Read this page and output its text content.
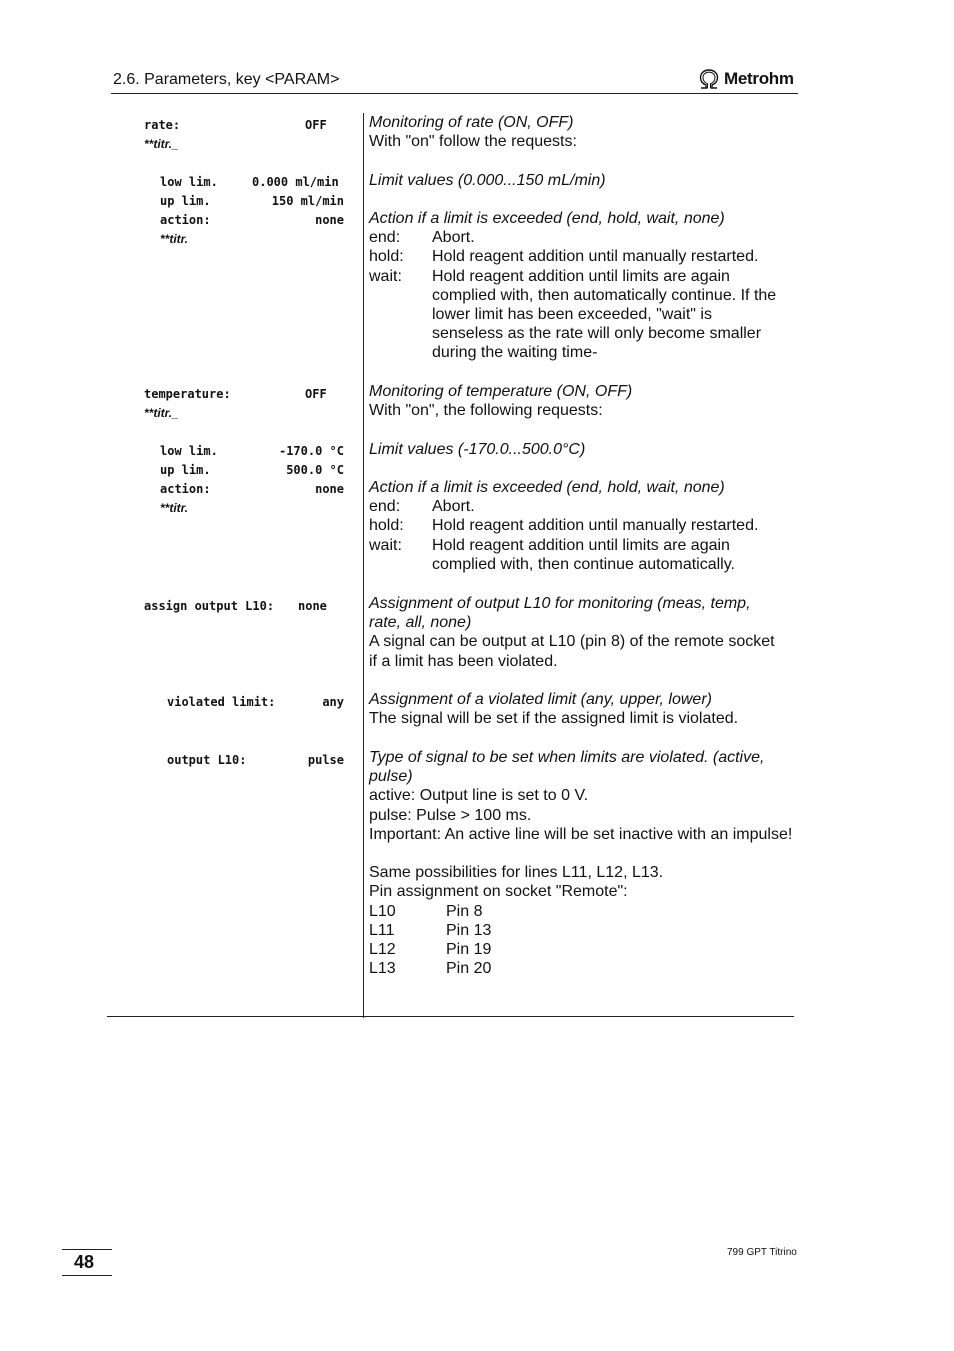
2.6. Parameters, key <PARAM>	Metrohm
rate:	OFF
**titr._
low lim.	0.000 ml/min
up lim.	150 ml/min
action:	none
**titr.
temperature:	OFF
**titr._
low lim.	-170.0 °C
up lim.	500.0 °C
action:	none
**titr.
assign output L10: none
violated limit:	any
output L10:	pulse
Monitoring of rate (ON, OFF)
With "on" follow the requests:
Limit values (0.000...150 mL/min)
Action if a limit is exceeded (end, hold, wait, none)
end:	Abort.
hold:	Hold reagent addition until manually restarted.
wait:	Hold reagent addition until limits are again complied with, then automatically continue. If the lower limit has been exceeded, "wait" is senseless as the rate will only become smaller during the waiting time-
Monitoring of temperature (ON, OFF)
With "on", the following requests:
Limit values (-170.0...500.0°C)
Action if a limit is exceeded (end, hold, wait, none)
end:	Abort.
hold:	Hold reagent addition until manually restarted.
wait:	Hold reagent addition until limits are again complied with, then continue automatically.
Assignment of output L10 for monitoring (meas, temp, rate, all, none)
A signal can be output at L10 (pin 8) of the remote socket if a limit has been violated.
Assignment of a violated limit (any, upper, lower)
The signal will be set if the assigned limit is violated.
Type of signal to be set when limits are violated. (active, pulse)
active: Output line is set to 0 V.
pulse: Pulse > 100 ms.
Important: An active line will be set inactive with an impulse!
Same possibilities for lines L11, L12, L13.
Pin assignment on socket "Remote":
L10	Pin 8
L11	Pin 13
L12	Pin 19
L13	Pin 20
48	799 GPT Titrino
